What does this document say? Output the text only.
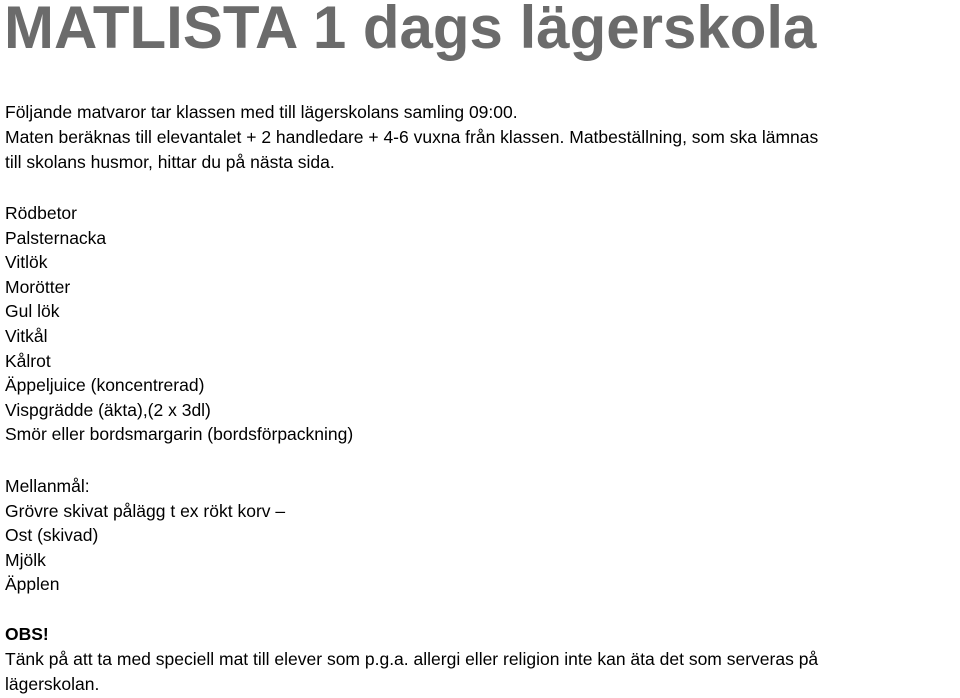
MATLISTA 1 dags lägerskola
Följande matvaror tar klassen med till lägerskolans samling 09:00.
Maten beräknas till elevantalet + 2 handledare + 4-6 vuxna från klassen. Matbeställning, som ska lämnas
till skolans husmor, hittar du på nästa sida.
Rödbetor
Palsternacka
Vitlök
Morötter
Gul lök
Vitkål
Kålrot
Äppeljuice (koncentrerad)
Vispgrädde (äkta),(2 x 3dl)
Smör eller bordsmargarin (bordsförpackning)
Mellanmål:
Grövre skivat pålägg t ex rökt korv –
Ost (skivad)
Mjölk
Äpplen
OBS!
Tänk på att ta med speciell mat till elever som p.g.a. allergi eller religion inte kan äta det som serveras på
lägerskolan.
